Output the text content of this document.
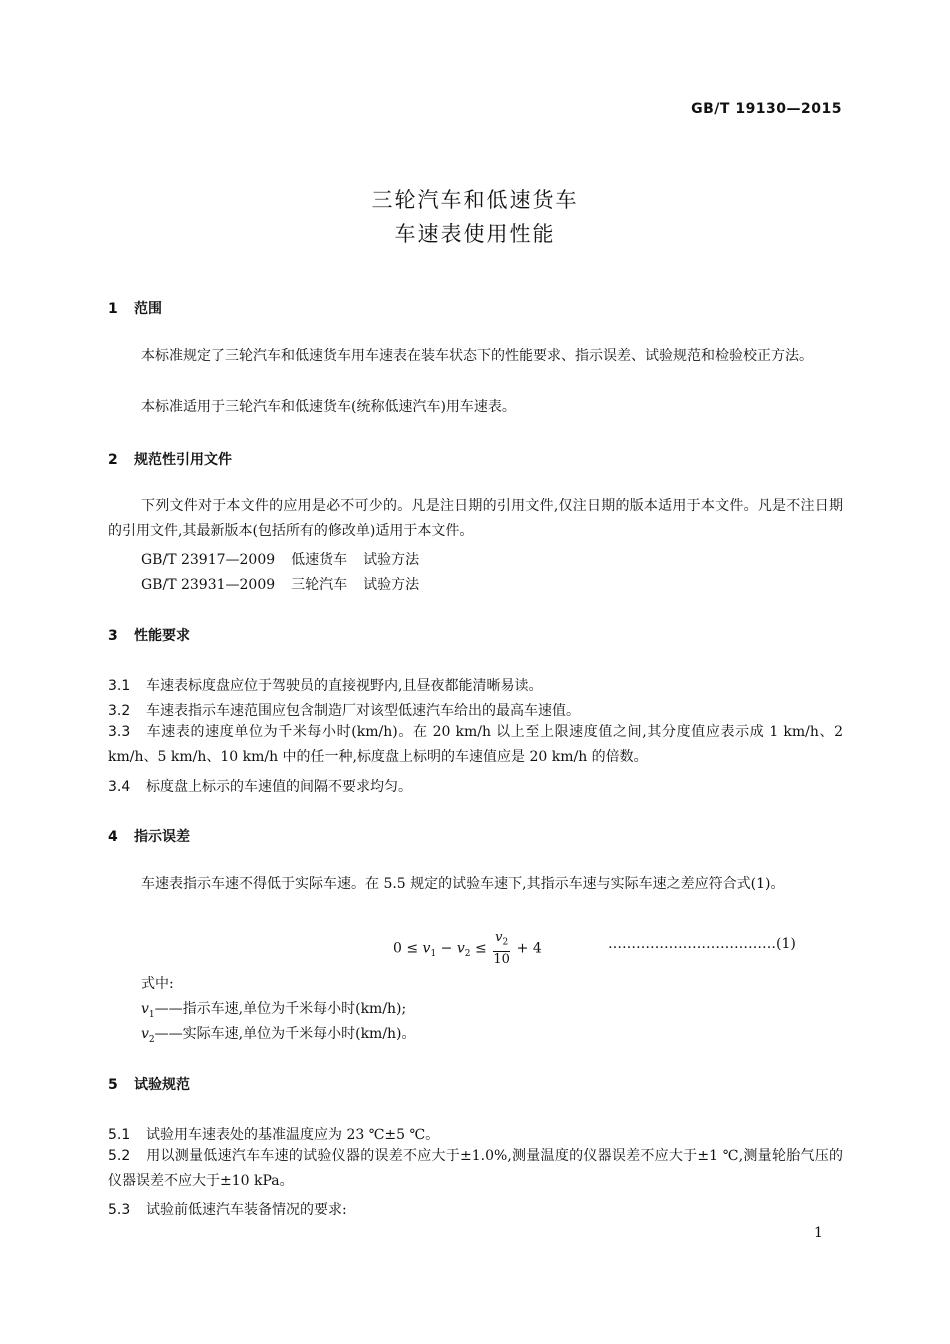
GB/T 19130—2015
三轮汽车和低速货车
车速表使用性能
1 范围
本标准规定了三轮汽车和低速货车用车速表在装车状态下的性能要求、指示误差、试验规范和检验校正方法。
本标准适用于三轮汽车和低速货车(统称低速汽车)用车速表。
2 规范性引用文件
下列文件对于本文件的应用是必不可少的。凡是注日期的引用文件,仅注日期的版本适用于本文件。凡是不注日期的引用文件,其最新版本(包括所有的修改单)适用于本文件。
GB/T 23917—2009 低速货车 试验方法
GB/T 23931—2009 三轮汽车 试验方法
3 性能要求
3.1 车速表标度盘应位于驾驶员的直接视野内,且昼夜都能清晰易读。
3.2 车速表指示车速范围应包含制造厂对该型低速汽车给出的最高车速值。
3.3 车速表的速度单位为千米每小时(km/h)。在 20 km/h 以上至上限速度值之间,其分度值应表示成 1 km/h、2 km/h、5 km/h、10 km/h 中的任一种,标度盘上标明的车速值应是 20 km/h 的倍数。
3.4 标度盘上标示的车速值的间隔不要求均匀。
4 指示误差
车速表指示车速不得低于实际车速。在 5.5 规定的试验车速下,其指示车速与实际车速之差应符合式(1)。
$0 \le v_1 - v_2 \le \frac{v_2}{10} + 4$	………………………………(1)
式中:
$v_1——$指示车速,单位为千米每小时(km/h);
$v_2——$实际车速,单位为千米每小时(km/h)。
5 试验规范
5.1 试验用车速表处的基准温度应为 23 ℃±5 ℃。
5.2 用以测量低速汽车车速的试验仪器的误差不应大于±1.0%,测量温度的仪器误差不应大于±1 ℃,测量轮胎气压的仪器误差不应大于±10 kPa。
5.3 试验前低速汽车装备情况的要求:
1
